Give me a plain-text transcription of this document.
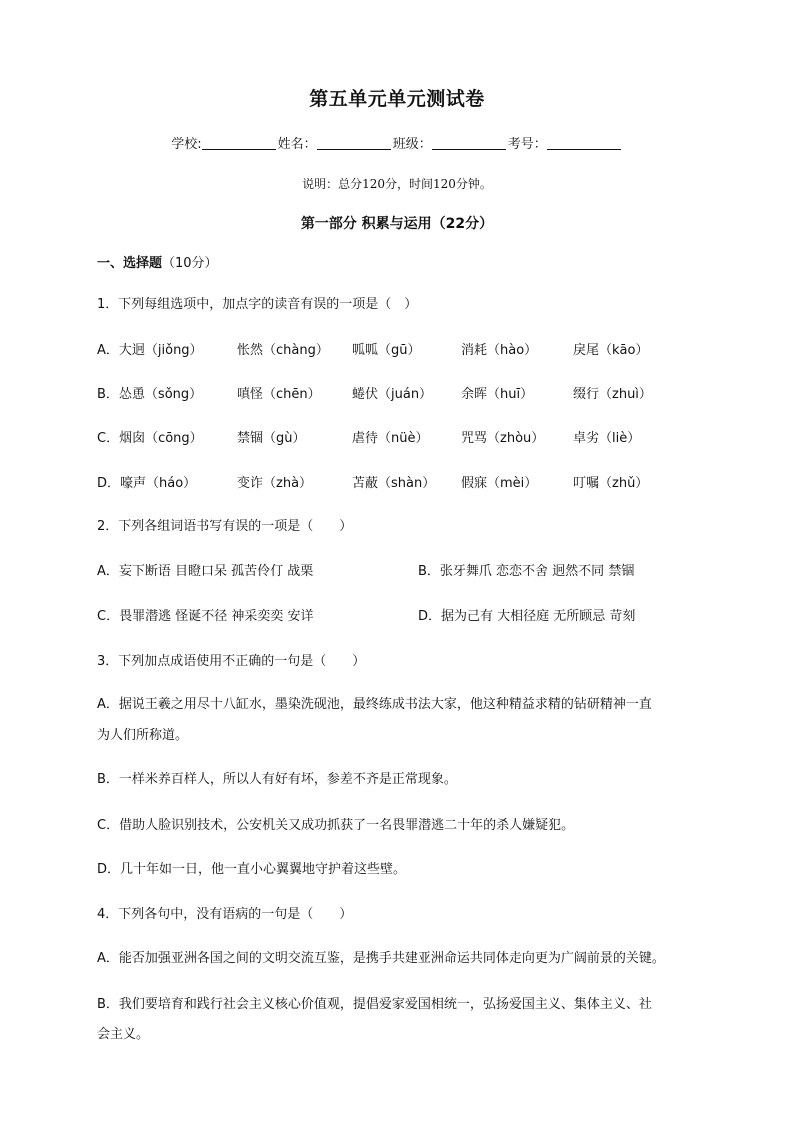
第五单元单元测试卷
学校:	姓名：	班级：	考号：
说明：总分120分，时间120分钟。
第一部分 积累与运用（22分）
一、选择题（10分）
1．下列每组选项中，加点字的读音有误的一项是（　）
A．大迥（jiǒng）	怅然（chàng） 呱呱（gū）	消耗（hào）	戾尾（kāo）
B．怂恿（sǒng）	嗔怪（chēn） 蜷伏（juán） 余晖（huī）	缀行（zhuì）
C．烟囱（cōng）	禁锢（gù）	虐待（nüè）	咒骂（zhòu） 卓劣（liè）
D．嚎声（háo）	变诈（zhà）	苫蔽（shàn） 假寐（mèi）	叮嘱（zhǔ）
2．下列各组词语书写有误的一项是（　　）
A．妄下断语 目瞪口呆 孤苦伶仃 战栗	B．张牙舞爪 恋恋不舍 迥然不同 禁锢
C．畏罪潜逃 怪诞不径 神采奕奕 安详	D．据为己有 大相径庭 无所顾忌 苛刻
3．下列加点成语使用不正确的一句是（　　）
A．据说王羲之用尽十八缸水，墨染洗砚池，最终练成书法大家，他这种精益求精的钻研精神一直
为人们所称道。
B．一样米养百样人，所以人有好有坏，参差不齐是正常现象。
C．借助人脸识别技术，公安机关又成功抓获了一名畏罪潜逃二十年的杀人嫌疑犯。
D．几十年如一日，他一直小心翼翼地守护着这些壁。
4．下列各句中，没有语病的一句是（　　）
A．能否加强亚洲各国之间的文明交流互鉴，是携手共建亚洲命运共同体走向更为广阔前景的关键。
B．我们要培育和践行社会主义核心价值观，提倡爱家爱国相统一，弘扬爱国主义、集体主义、社
会主义。
